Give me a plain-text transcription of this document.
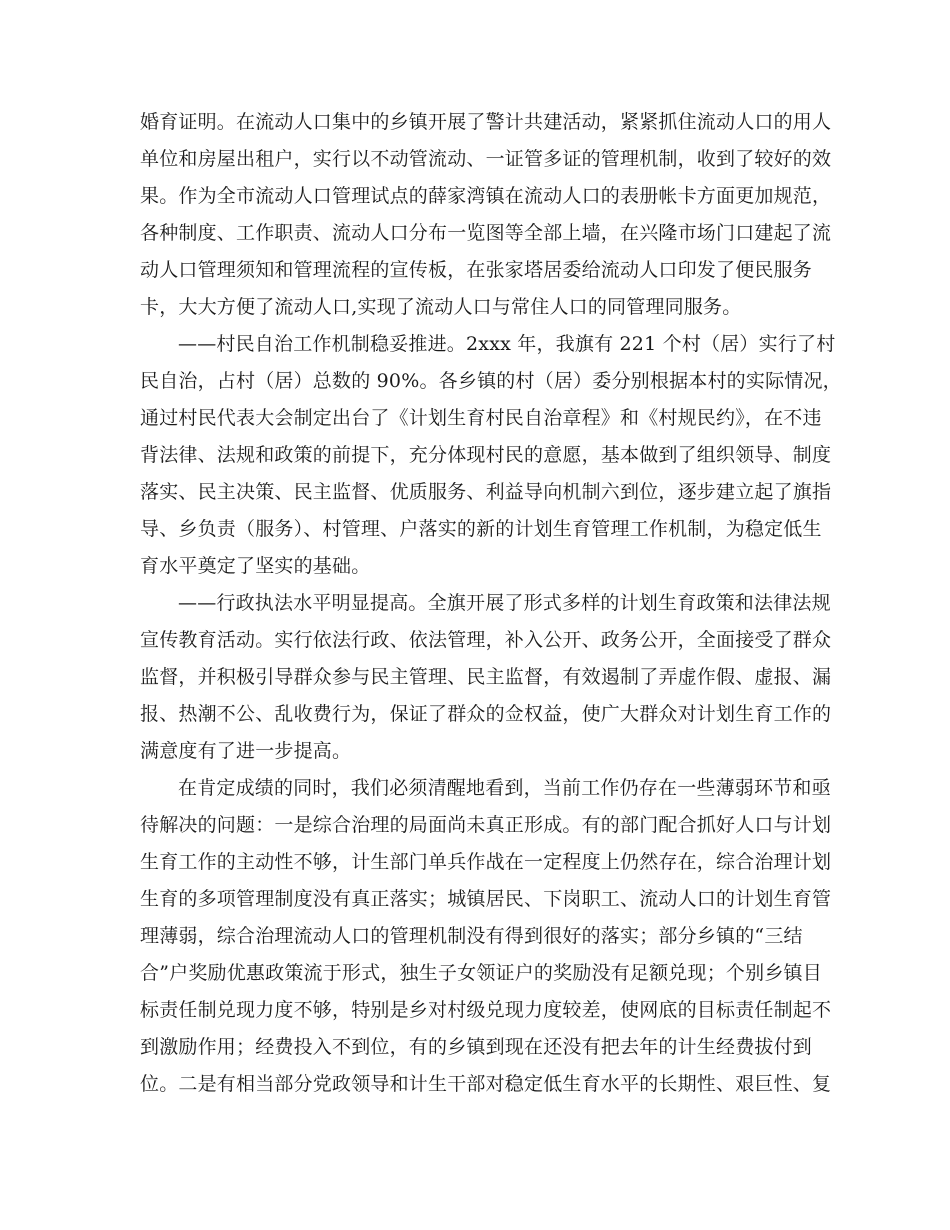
婚育证明。在流动人口集中的乡镇开展了警计共建活动，紧紧抓住流动人口的用人
单位和房屋出租户，实行以不动管流动、一证管多证的管理机制，收到了较好的效
果。作为全市流动人口管理试点的薛家湾镇在流动人口的表册帐卡方面更加规范，
各种制度、工作职责、流动人口分布一览图等全部上墙，在兴隆市场门口建起了流
动人口管理须知和管理流程的宣传板，在张家塔居委给流动人口印发了便民服务
卡，大大方便了流动人口,实现了流动人口与常住人口的同管理同服务。

——村民自治工作机制稳妥推进。2xxx 年，我旗有 221 个村（居）实行了村
民自治，占村（居）总数的 90%。各乡镇的村（居）委分别根据本村的实际情况，
通过村民代表大会制定出台了《计划生育村民自治章程》和《村规民约》，在不违
背法律、法规和政策的前提下，充分体现村民的意愿，基本做到了组织领导、制度
落实、民主决策、民主监督、优质服务、利益导向机制六到位，逐步建立起了旗指
导、乡负责（服务）、村管理、户落实的新的计划生育管理工作机制，为稳定低生
育水平奠定了坚实的基础。

——行政执法水平明显提高。全旗开展了形式多样的计划生育政策和法律法规
宣传教育活动。实行依法行政、依法管理，补入公开、政务公开，全面接受了群众
监督，并积极引导群众参与民主管理、民主监督，有效遏制了弄虚作假、虚报、漏
报、热潮不公、乱收费行为，保证了群众的佥权益，使广大群众对计划生育工作的
满意度有了进一步提高。

在肯定成绩的同时，我们必须清醒地看到，当前工作仍存在一些薄弱环节和亟
待解决的问题：一是综合治理的局面尚未真正形成。有的部门配合抓好人口与计划
生育工作的主动性不够，计生部门单兵作战在一定程度上仍然存在，综合治理计划
生育的多项管理制度没有真正落实；城镇居民、下岗职工、流动人口的计划生育管
理薄弱，综合治理流动人口的管理机制没有得到很好的落实；部分乡镇的“三结
合”户奖励优惠政策流于形式，独生子女领证户的奖励没有足额兑现；个别乡镇目
标责任制兑现力度不够，特别是乡对村级兑现力度较差，使网底的目标责任制起不
到激励作用；经费投入不到位，有的乡镇到现在还没有把去年的计生经费拔付到
位。二是有相当部分党政领导和计生干部对稳定低生育水平的长期性、艰巨性、复
